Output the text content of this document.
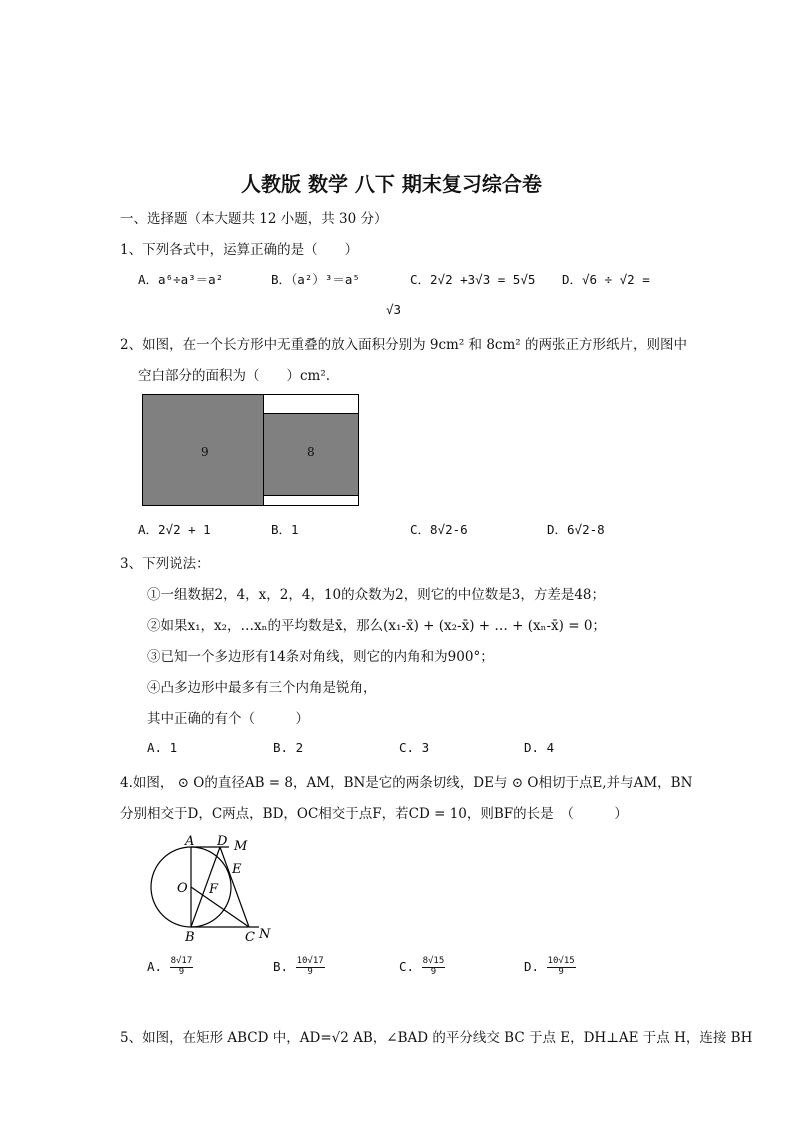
人教版 数学 八下 期末复习综合卷
一、选择题（本大题共 12 小题，共 30 分）
1、下列各式中，运算正确的是（　　）
A．a⁶÷a³＝a²	B．（a²）³＝a⁵	C．2√2 +3√3 = 5√5 D．√6 ÷ √2 =
√3
2、如图，在一个长方形中无重叠的放入面积分别为 9cm² 和 8cm² 的两张正方形纸片，则图中
空白部分的面积为（　　）cm².
9	8
A．2√2 + 1	B．1	C．8√2-6	D．6√2-8
3、下列说法：
①一组数据2，4，x，2，4，10的众数为2，则它的中位数是3，方差是48；
②如果x₁，x₂，…xₙ的平均数是x̄，那么(x₁-x̄) + (x₂-x̄) + … + (xₙ-x̄) = 0；
③已知一个多边形有14条对角线，则它的内角和为900°；
④凸多边形中最多有三个内角是锐角，
其中正确的有个（　　　）
A. 1	B. 2	C. 3	D. 4
4.如图， ⊙ O的直径AB = 8，AM，BN是它的两条切线，DE与 ⊙ O相切于点E,并与AM，BN
分别相交于D，C两点，BD，OC相交于点F，若CD = 10，则BF的长是　（　　　）
A D M
E
O F
B	C N
A. $\frac{8√17}{9}$	B. $\frac{10√17}{9}$	C. $\frac{8√15}{9}$	D. $\frac{10√15}{9}$
5、如图，在矩形 ABCD 中，AD=√2 AB，∠BAD 的平分线交 BC 于点 E，DH⊥AE 于点 H，连接 BH
